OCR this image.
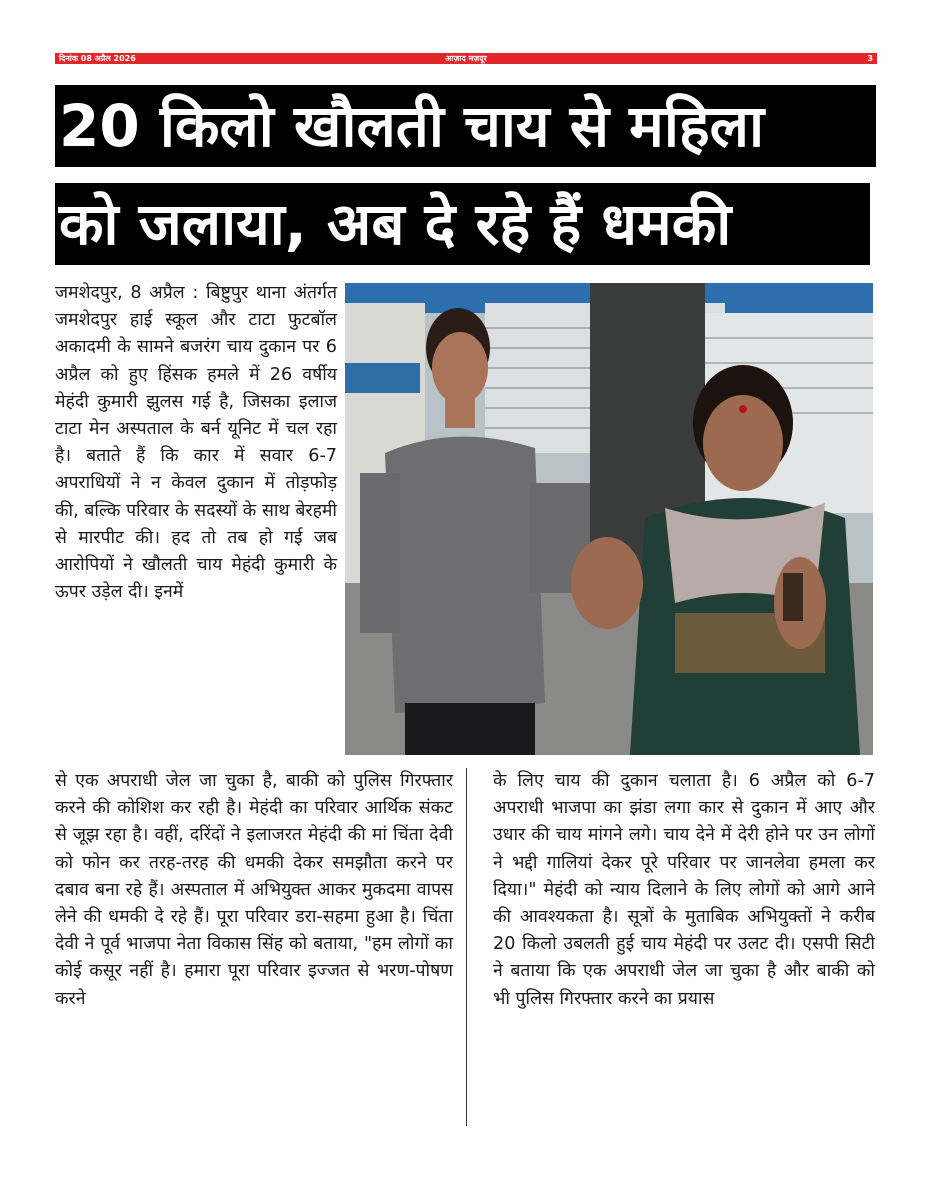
दिनांक 08 अप्रैल 2026	आज़ाद मज़दूर	3
20 किलो खौलती चाय से महिला
को जलाया, अब दे रहे हैं धमकी
जमशेदपुर, 8 अप्रैल : बिष्टुपुर थाना अंतर्गत जमशेदपुर हाई स्कूल और टाटा फुटबॉल अकादमी के सामने बजरंग चाय दुकान पर 6 अप्रैल को हुए हिंसक हमले में 26 वर्षीय मेहंदी कुमारी झुलस गई है, जिसका इलाज टाटा मेन अस्पताल के बर्न यूनिट में चल रहा है। बताते हैं कि कार में सवार 6-7 अपराधियों ने न केवल दुकान में तोड़फोड़ की, बल्कि परिवार के सदस्यों के साथ बेरहमी से मारपीट की। हद तो तब हो गई जब आरोपियों ने खौलती चाय मेहंदी कुमारी के ऊपर उड़ेल दी। इनमें
से एक अपराधी जेल जा चुका है, बाकी को पुलिस गिरफ्तार करने की कोशिश कर रही है। मेहंदी का परिवार आर्थिक संकट से जूझ रहा है। वहीं, दरिंदों ने इलाजरत मेहंदी की मां चिंता देवी को फोन कर तरह-तरह की धमकी देकर समझौता करने पर दबाव बना रहे हैं। अस्पताल में अभियुक्त आकर मुकदमा वापस लेने की धमकी दे रहे हैं। पूरा परिवार डरा-सहमा हुआ है। चिंता देवी ने पूर्व भाजपा नेता विकास सिंह को बताया, "हम लोगों का कोई कसूर नहीं है। हमारा पूरा परिवार इज्जत से भरण-पोषण करने
के लिए चाय की दुकान चलाता है। 6 अप्रैल को 6-7 अपराधी भाजपा का झंडा लगा कार से दुकान में आए और उधार की चाय मांगने लगे। चाय देने में देरी होने पर उन लोगों ने भद्दी गालियां देकर पूरे परिवार पर जानलेवा हमला कर दिया।" मेहंदी को न्याय दिलाने के लिए लोगों को आगे आने की आवश्यकता है। सूत्रों के मुताबिक अभियुक्तों ने करीब 20 किलो उबलती हुई चाय मेहंदी पर उलट दी। एसपी सिटी ने बताया कि एक अपराधी जेल जा चुका है और बाकी को भी पुलिस गिरफ्तार करने का प्रयास
